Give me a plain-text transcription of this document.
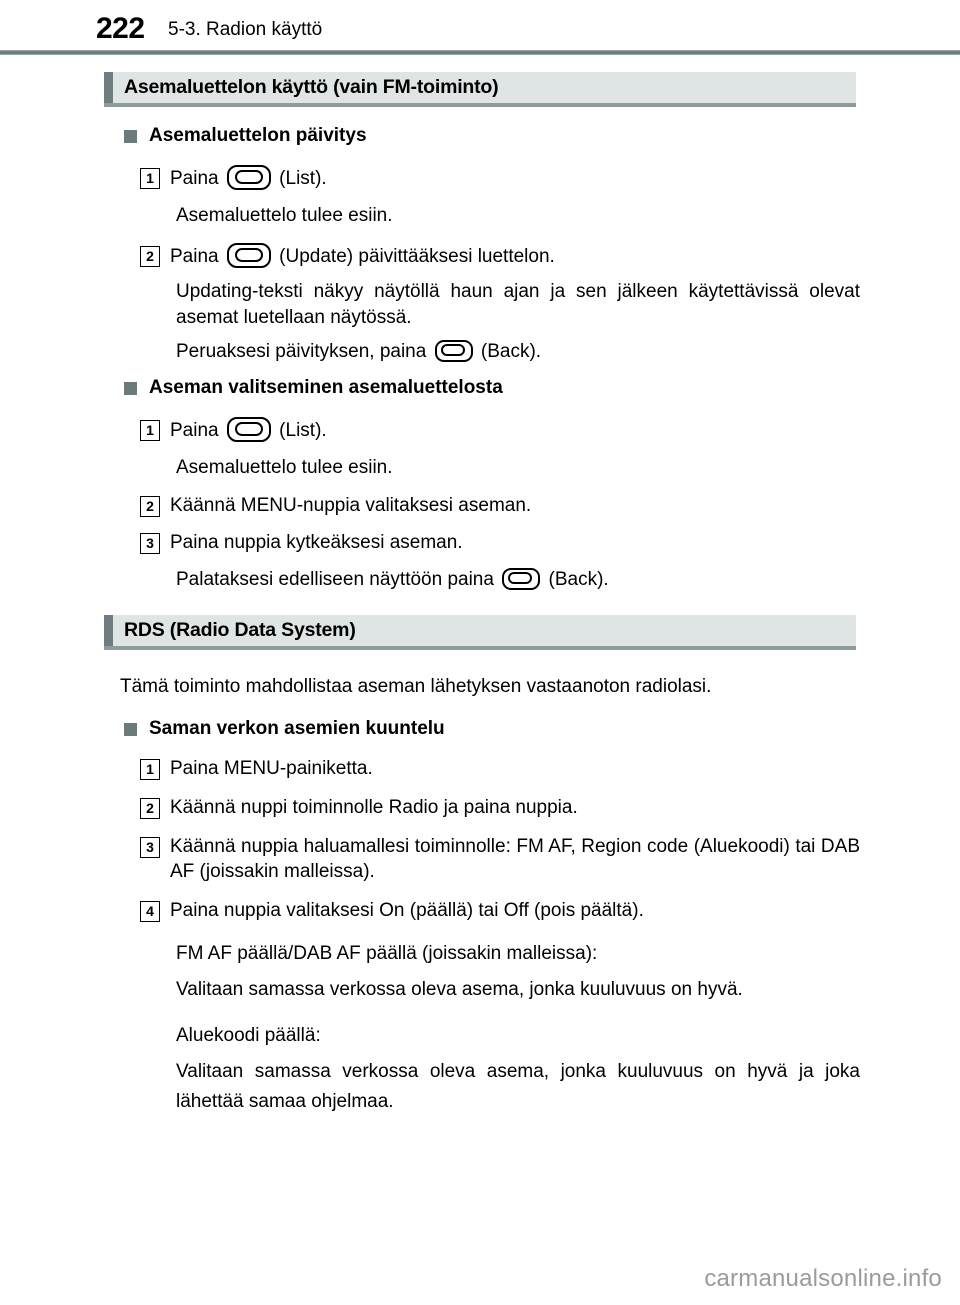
222 5-3. Radion käyttö
Asemaluettelon käyttö (vain FM-toiminto)
Asemaluettelon päivitys
1 Paina	(List).
Asemaluettelo tulee esiin.
2 Paina	(Update) päivittääksesi luettelon.
Updating-teksti näkyy näytöllä haun ajan ja sen jälkeen käytettävissä olevat asemat luetellaan näytössä.
Peruaksesi päivityksen, paina	(Back).
Aseman valitseminen asemaluettelosta
1 Paina	(List).
Asemaluettelo tulee esiin.
2 Käännä MENU-nuppia valitaksesi aseman.
3 Paina nuppia kytkeäksesi aseman.
Palataksesi edelliseen näyttöön paina	(Back).
RDS (Radio Data System)
Tämä toiminto mahdollistaa aseman lähetyksen vastaanoton radiolasi.
Saman verkon asemien kuuntelu
1 Paina MENU-painiketta.
2 Käännä nuppi toiminnolle Radio ja paina nuppia.
3 Käännä nuppia haluamallesi toiminnolle: FM AF, Region code (Aluekoodi) tai DAB AF (joissakin malleissa).
4 Paina nuppia valitaksesi On (päällä) tai Off (pois päältä).
FM AF päällä/DAB AF päällä (joissakin malleissa):
Valitaan samassa verkossa oleva asema, jonka kuuluvuus on hyvä.
Aluekoodi päällä:
Valitaan samassa verkossa oleva asema, jonka kuuluvuus on hyvä ja joka lähettää samaa ohjelmaa.
carmanualsonline.info
